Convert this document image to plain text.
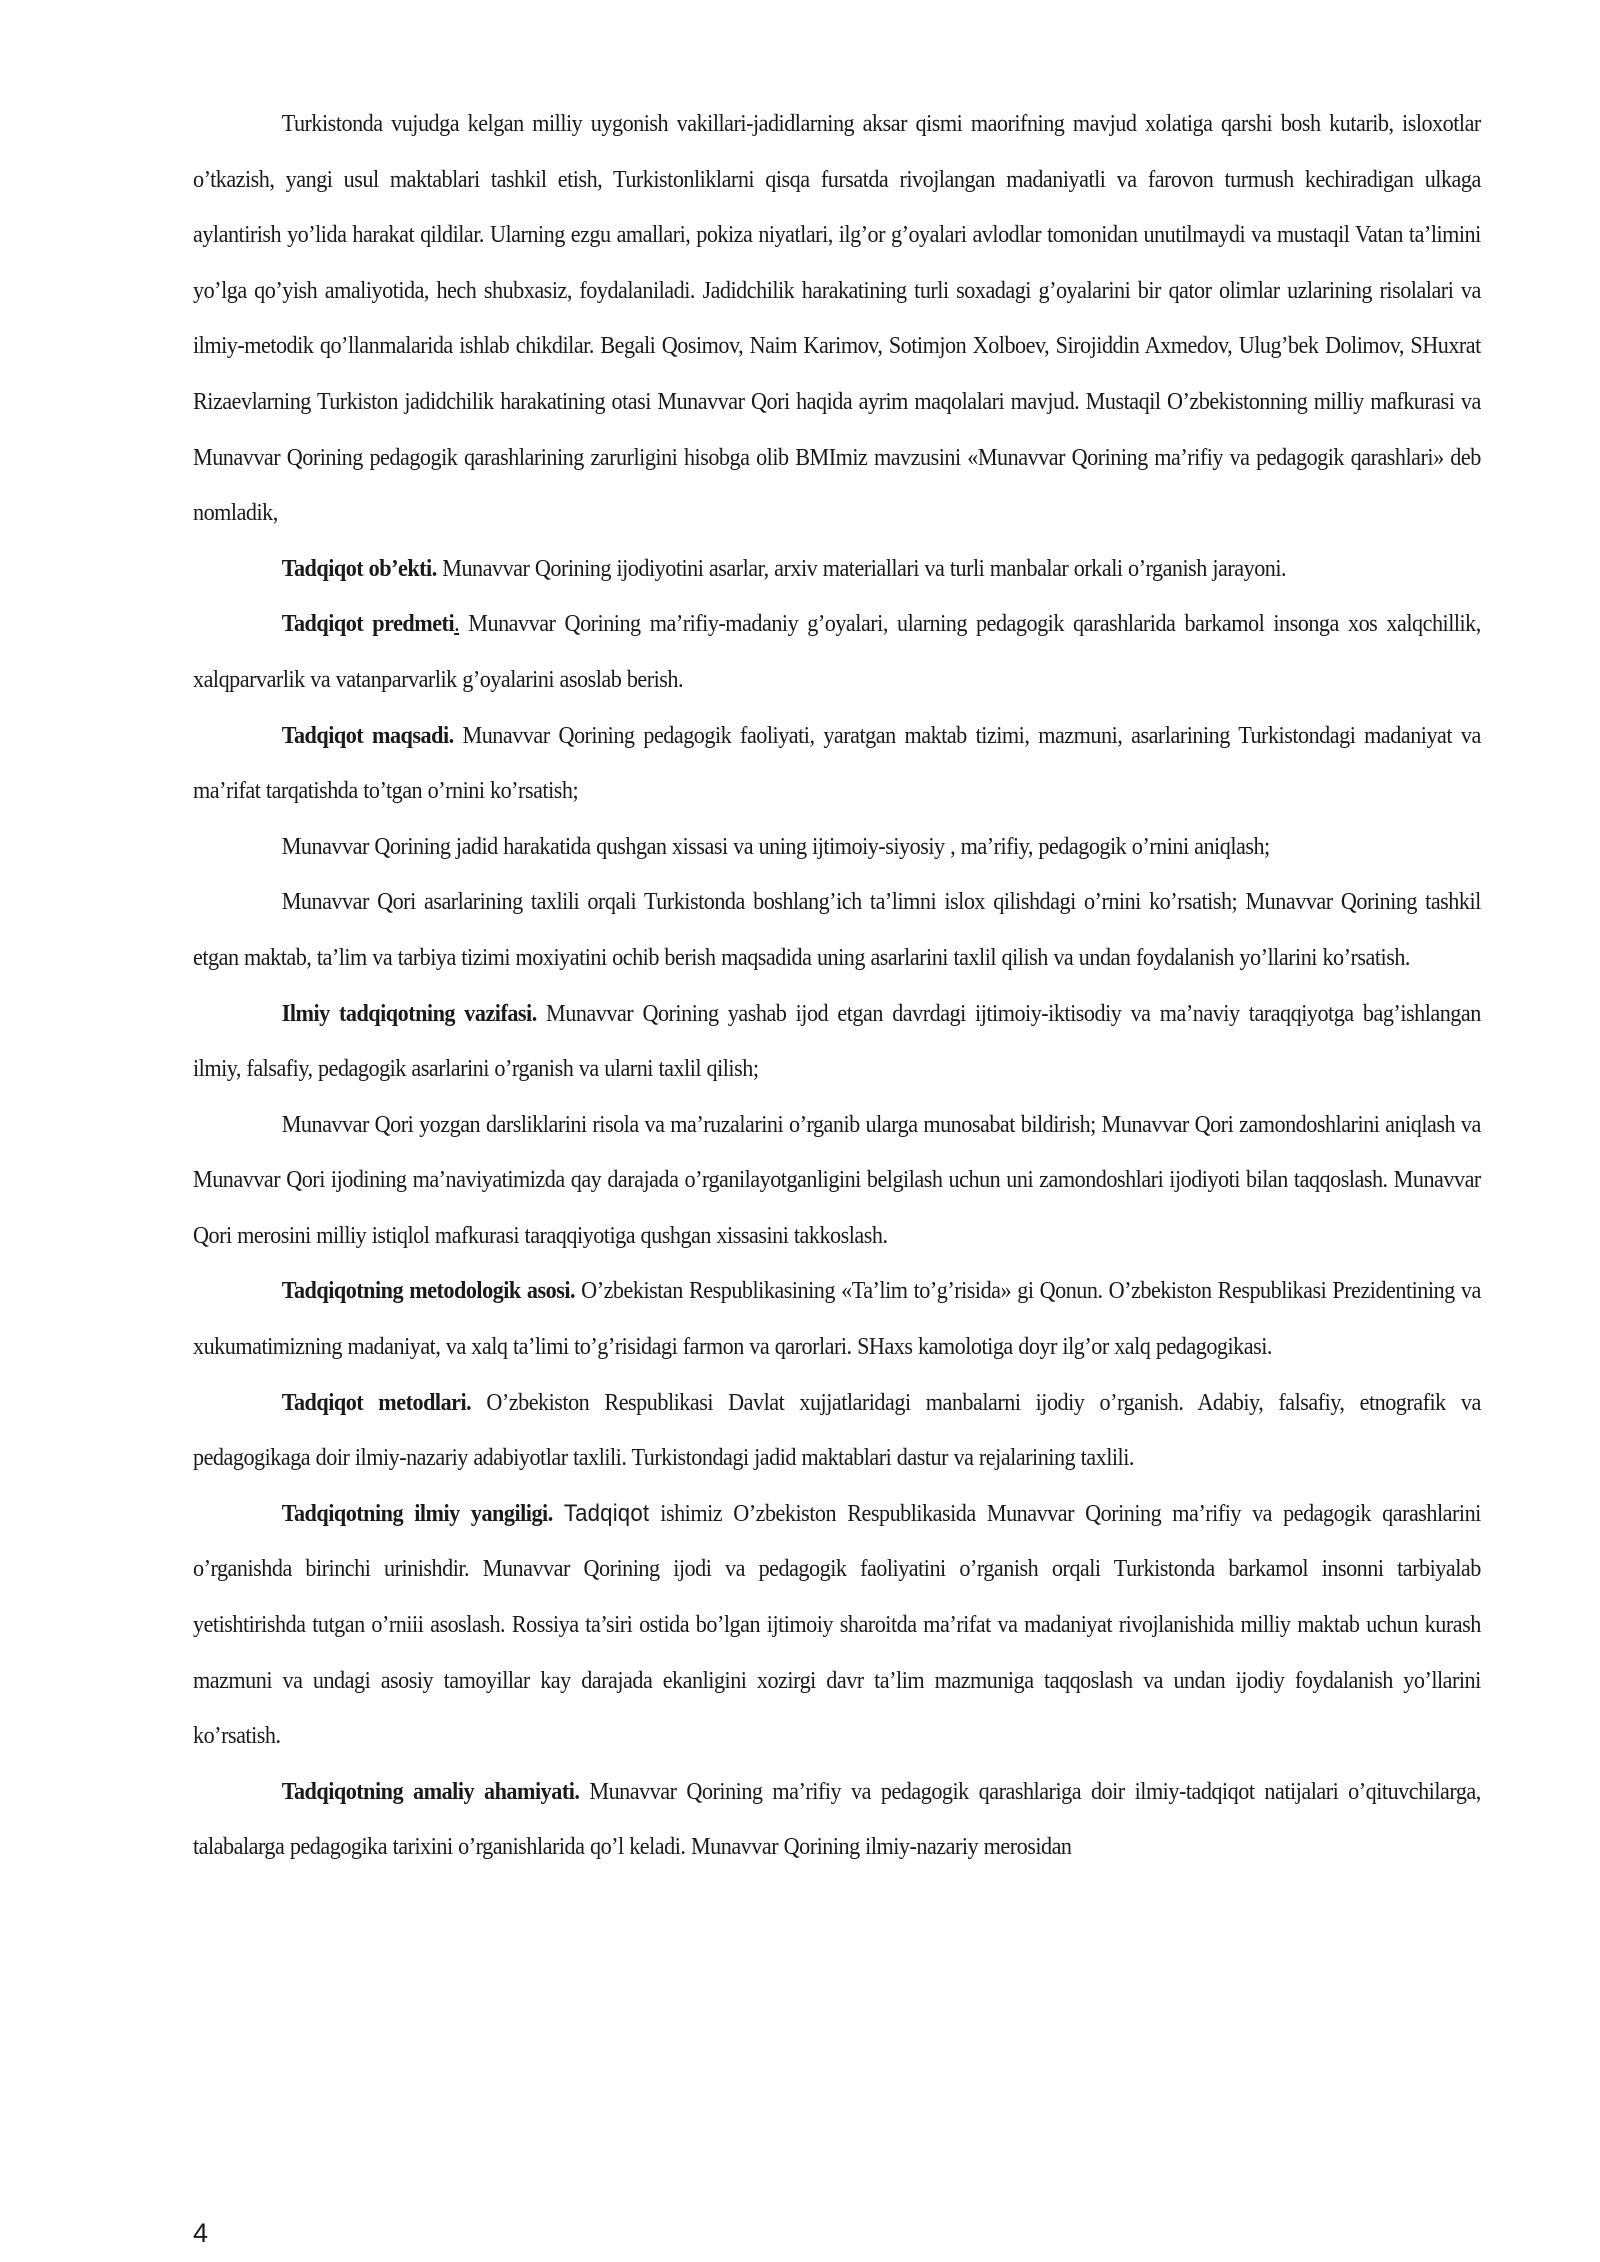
Turkistonda vujudga kelgan milliy uygonish vakillari-jadidlarning aksar qismi maorifning mavjud xolatiga qarshi bosh kutarib, isloxotlar o’tkazish, yangi usul maktablari tashkil etish, Turkistonliklarni qisqa fursatda rivojlangan madaniyatli va farovon turmush kechiradigan ulkaga aylantirish yo’lida harakat qildilar. Ularning ezgu amallari, pokiza niyatlari, ilg’or g’oyalari avlodlar tomonidan unutilmaydi va mustaqil Vatan ta’limini yo’lga qo’yish amaliyotida, hech shubxasiz, foydalaniladi. Jadidchilik harakatining turli soxadagi g’oyalarini bir qator olimlar uzlarining risolalari va ilmiy-metodik qo’llanmalarida ishlab chikdilar. Begali Qosimov, Naim Karimov, Sotimjon Xolboev, Sirojiddin Axmedov, Ulug’bek Dolimov, SHuxrat Rizaevlarning Turkiston jadidchilik harakatining otasi Munavvar Qori haqida ayrim maqolalari mavjud. Mustaqil O’zbekistonning milliy mafkurasi va Munavvar Qorining pedagogik qarashlarining zarurligini hisobga olib BMImiz mavzusini «Munavvar Qorining ma’rifiy va pedagogik qarashlari» deb nomladik,

Tadqiqot ob’ekti. Munavvar Qorining ijodiyotini asarlar, arxiv materiallari va turli manbalar orkali o’rganish jarayoni.

Tadqiqot predmeti. Munavvar Qorining ma’rifiy-madaniy g’oyalari, ularning pedagogik qarashlarida barkamol insonga xos xalqchillik, xalqparvarlik va vatanparvarlik g’oyalarini asoslab berish.

Tadqiqot maqsadi. Munavvar Qorining pedagogik faoliyati, yaratgan maktab tizimi, mazmuni, asarlarining Turkistondagi madaniyat va ma’rifat tarqatishda to’tgan o’rnini ko’rsatish;

Munavvar Qorining jadid harakatida qushgan xissasi va uning ijtimoiy-siyosiy , ma’rifiy, pedagogik o’rnini aniqlash;

Munavvar Qori asarlarining taxlili orqali Turkistonda boshlang’ich ta’limni islox qilishdagi o’rnini ko’rsatish; Munavvar Qorining tashkil etgan maktab, ta’lim va tarbiya tizimi moxiyatini ochib berish maqsadida uning asarlarini taxlil qilish va undan foydalanish yo’llarini ko’rsatish.

Ilmiy tadqiqotning vazifasi. Munavvar Qorining yashab ijod etgan davrdagi ijtimoiy-iktisodiy va ma’naviy taraqqiyotga bag’ishlangan ilmiy, falsafiy, pedagogik asarlarini o’rganish va ularni taxlil qilish;

Munavvar Qori yozgan darsliklarini risola va ma’ruzalarini o’rganib ularga munosabat bildirish; Munavvar Qori zamondoshlarini aniqlash va Munavvar Qori ijodining ma’naviyatimizda qay darajada o’rganilayotganligini belgilash uchun uni zamondoshlari ijodiyoti bilan taqqoslash. Munavvar Qori merosini milliy istiqlol mafkurasi taraqqiyotiga qushgan xissasini takkoslash.

Tadqiqotning metodologik asosi. O’zbekistan Respublikasining «Ta’lim to’g’risida» gi Qonun. O’zbekiston Respublikasi Prezidentining va xukumatimizning madaniyat, va xalq ta’limi to’g’risidagi farmon va qarorlari. SHaxs kamolotiga doyr ilg’or xalq pedagogikasi.

Tadqiqot metodlari. O’zbekiston Respublikasi Davlat xujjatlaridagi manbalarni ijodiy o’rganish. Adabiy, falsafiy, etnografik va pedagogikaga doir ilmiy-nazariy adabiyotlar taxlili. Turkistondagi jadid maktablari dastur va rejalarining taxlili.

Tadqiqotning ilmiy yangiligi. Tadqiqot ishimiz O’zbekiston Respublikasida Munavvar Qorining ma’rifiy va pedagogik qarashlarini o’rganishda birinchi urinishdir. Munavvar Qorining ijodi va pedagogik faoliyatini o’rganish orqali Turkistonda barkamol insonni tarbiyalab yetishtirishda tutgan o’rniii asoslash. Rossiya ta’siri ostida bo’lgan ijtimoiy sharoitda ma’rifat va madaniyat rivojlanishida milliy maktab uchun kurash mazmuni va undagi asosiy tamoyillar kay darajada ekanligini xozirgi davr ta’lim mazmuniga taqqoslash va undan ijodiy foydalanish yo’llarini ko’rsatish.

Tadqiqotning amaliy ahamiyati. Munavvar Qorining ma’rifiy va pedagogik qarashlariga doir ilmiy-tadqiqot natijalari o’qituvchilarga, talabalarga pedagogika tarixini o’rganishlarida qo’l keladi. Munavvar Qorining ilmiy-nazariy merosidan

4
